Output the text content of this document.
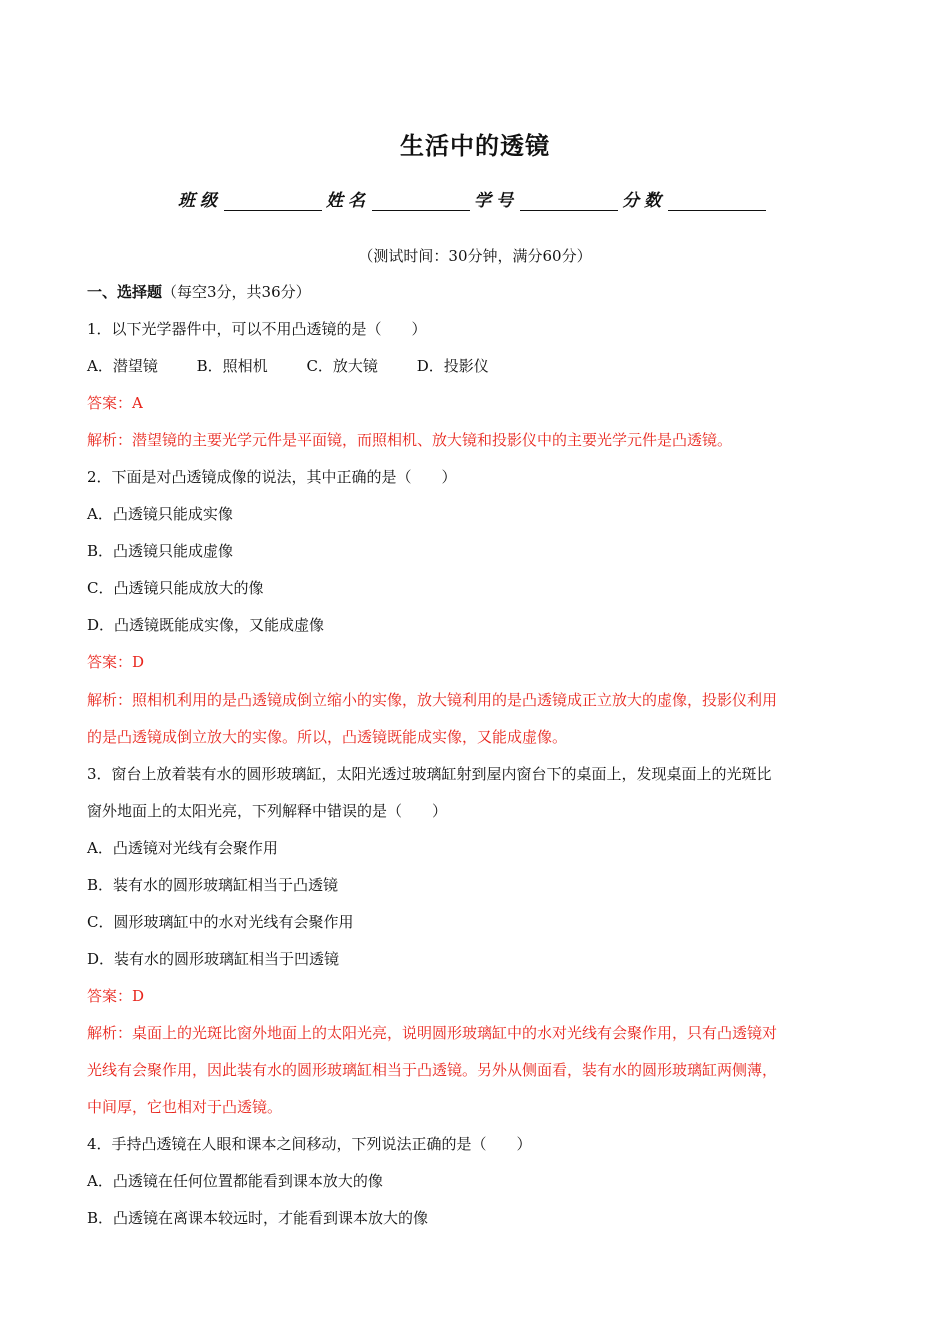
生活中的透镜
班级	姓名	学号	分数
（测试时间：30分钟，满分60分）
一、选择题（每空3分，共36分）
1．以下光学器件中，可以不用凸透镜的是（　　）
A．潜望镜	B．照相机	C．放大镜	D．投影仪
答案：A
解析：潜望镜的主要光学元件是平面镜，而照相机、放大镜和投影仪中的主要光学元件是凸透镜。
2．下面是对凸透镜成像的说法，其中正确的是（　　）
A．凸透镜只能成实像
B．凸透镜只能成虚像
C．凸透镜只能成放大的像
D．凸透镜既能成实像，又能成虚像
答案：D
解析：照相机利用的是凸透镜成倒立缩小的实像，放大镜利用的是凸透镜成正立放大的虚像，投影仪利用
的是凸透镜成倒立放大的实像。所以，凸透镜既能成实像，又能成虚像。
3．窗台上放着装有水的圆形玻璃缸，太阳光透过玻璃缸射到屋内窗台下的桌面上，发现桌面上的光斑比
窗外地面上的太阳光亮，下列解释中错误的是（　　）
A．凸透镜对光线有会聚作用
B．装有水的圆形玻璃缸相当于凸透镜
C．圆形玻璃缸中的水对光线有会聚作用
D．装有水的圆形玻璃缸相当于凹透镜
答案：D
解析：桌面上的光斑比窗外地面上的太阳光亮，说明圆形玻璃缸中的水对光线有会聚作用，只有凸透镜对
光线有会聚作用，因此装有水的圆形玻璃缸相当于凸透镜。另外从侧面看，装有水的圆形玻璃缸两侧薄，
中间厚，它也相对于凸透镜。
4．手持凸透镜在人眼和课本之间移动，下列说法正确的是（　　）
A．凸透镜在任何位置都能看到课本放大的像
B．凸透镜在离课本较远时，才能看到课本放大的像
